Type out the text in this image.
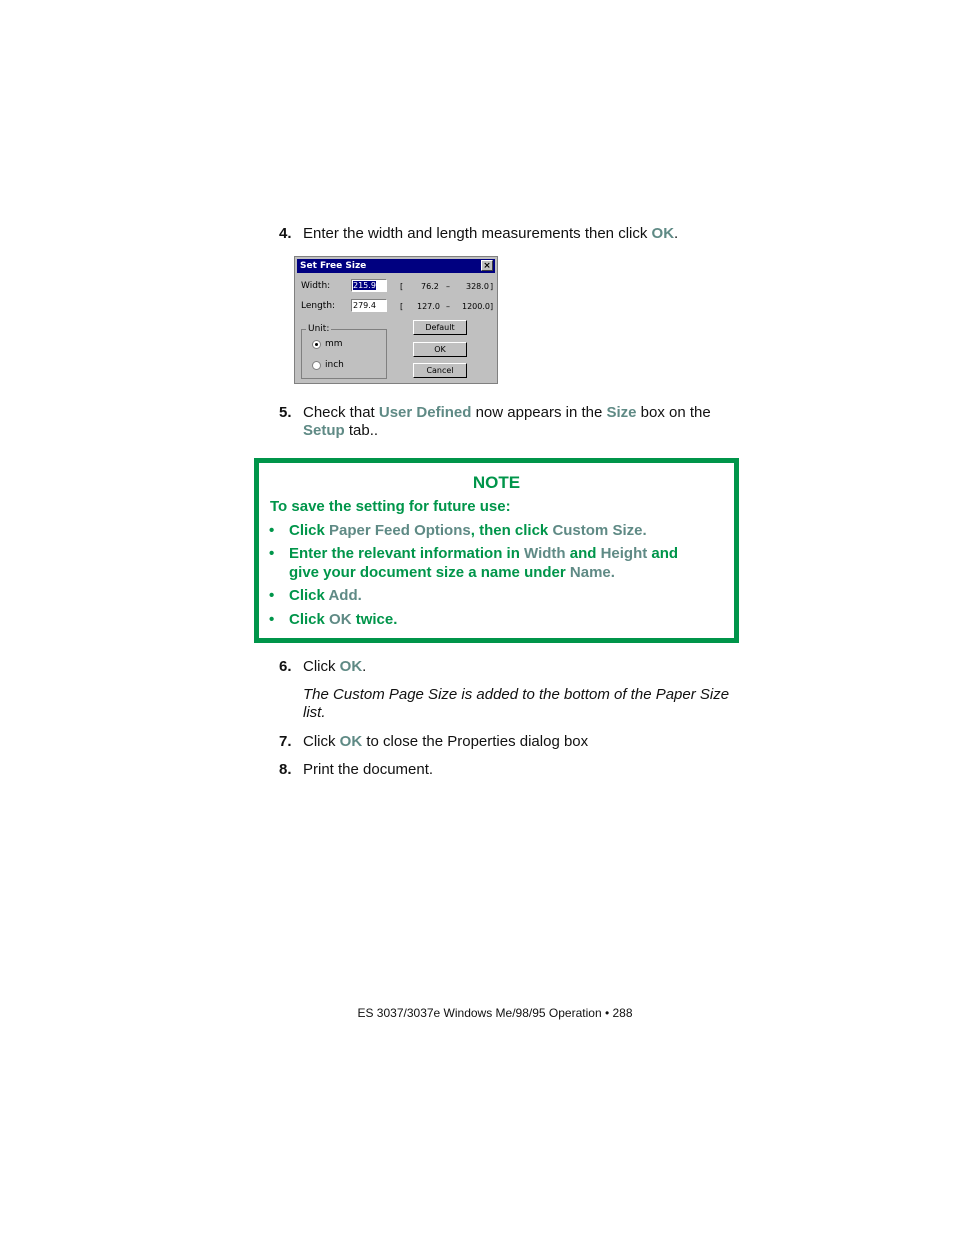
4. Enter the width and length measurements then click OK.
Set Free Size	×
Width:	215.9	[ 76.2 – 328.0 ]
Length: 279.4	[ 127.0 – 1200.0 ]
Unit:
mm
inch
Default
OK
Cancel
5. Check that User Defined now appears in the Size box on the
Setup tab..
NOTE
To save the setting for future use:
• Click Paper Feed Options, then click Custom Size.
• Enter the relevant information in Width and Height and
give your document size a name under Name.
• Click Add.
• Click OK twice.
6. Click OK.
The Custom Page Size is added to the bottom of the Paper Size list.
7. Click OK to close the Properties dialog box
8. Print the document.
ES 3037/3037e Windows Me/98/95 Operation • 288
